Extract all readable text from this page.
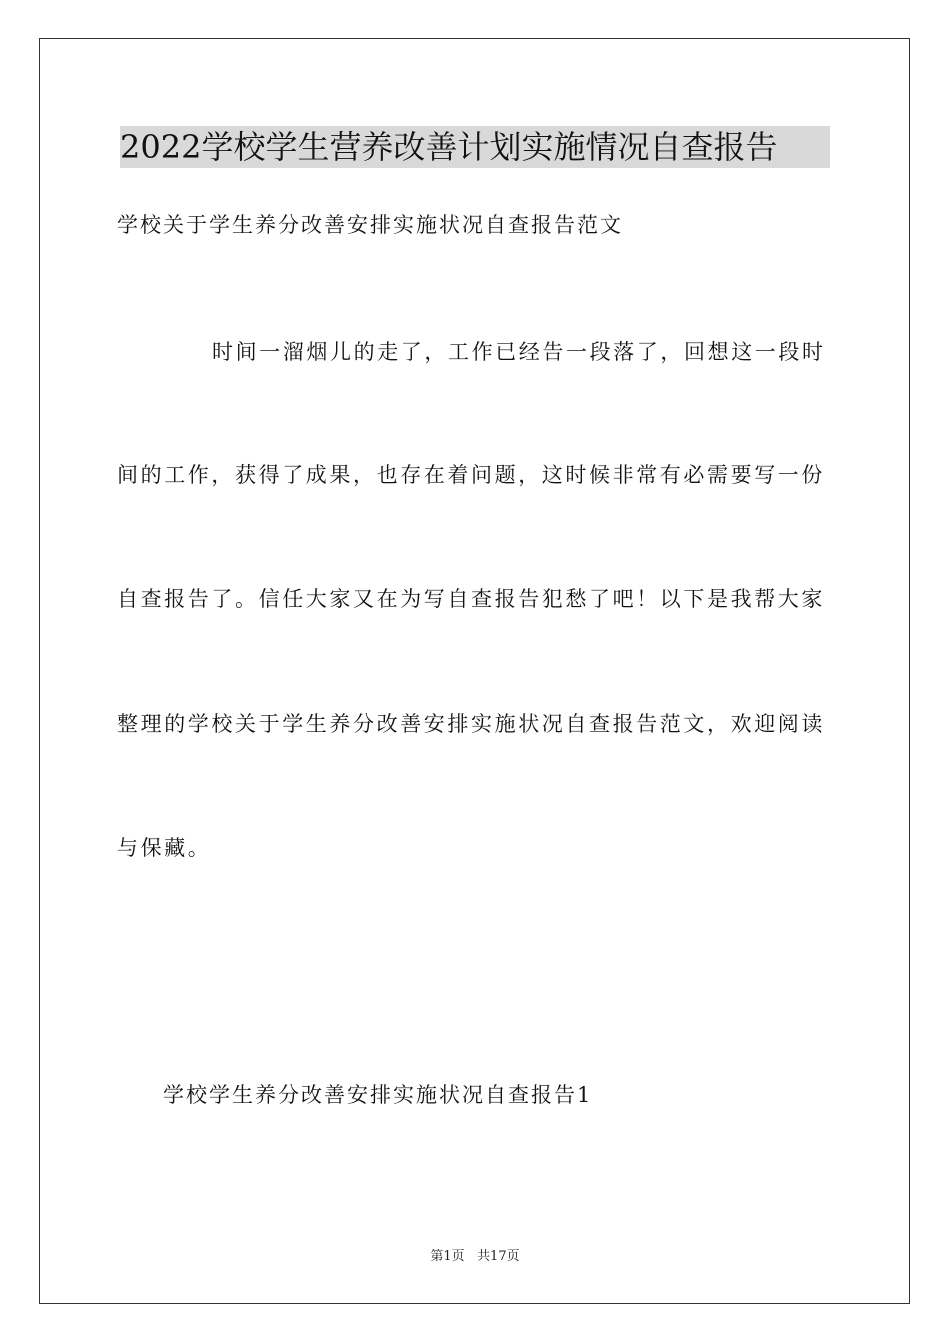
2022学校学生营养改善计划实施情况自查报告
学校关于学生养分改善安排实施状况自查报告范文
时间一溜烟儿的走了，工作已经告一段落了，回想这一段时
间的工作，获得了成果，也存在着问题，这时候非常有必需要写一份
自查报告了。信任大家又在为写自查报告犯愁了吧！以下是我帮大家
整理的学校关于学生养分改善安排实施状况自查报告范文，欢迎阅读
与保藏。
学校学生养分改善安排实施状况自查报告1
第1页   共17页
